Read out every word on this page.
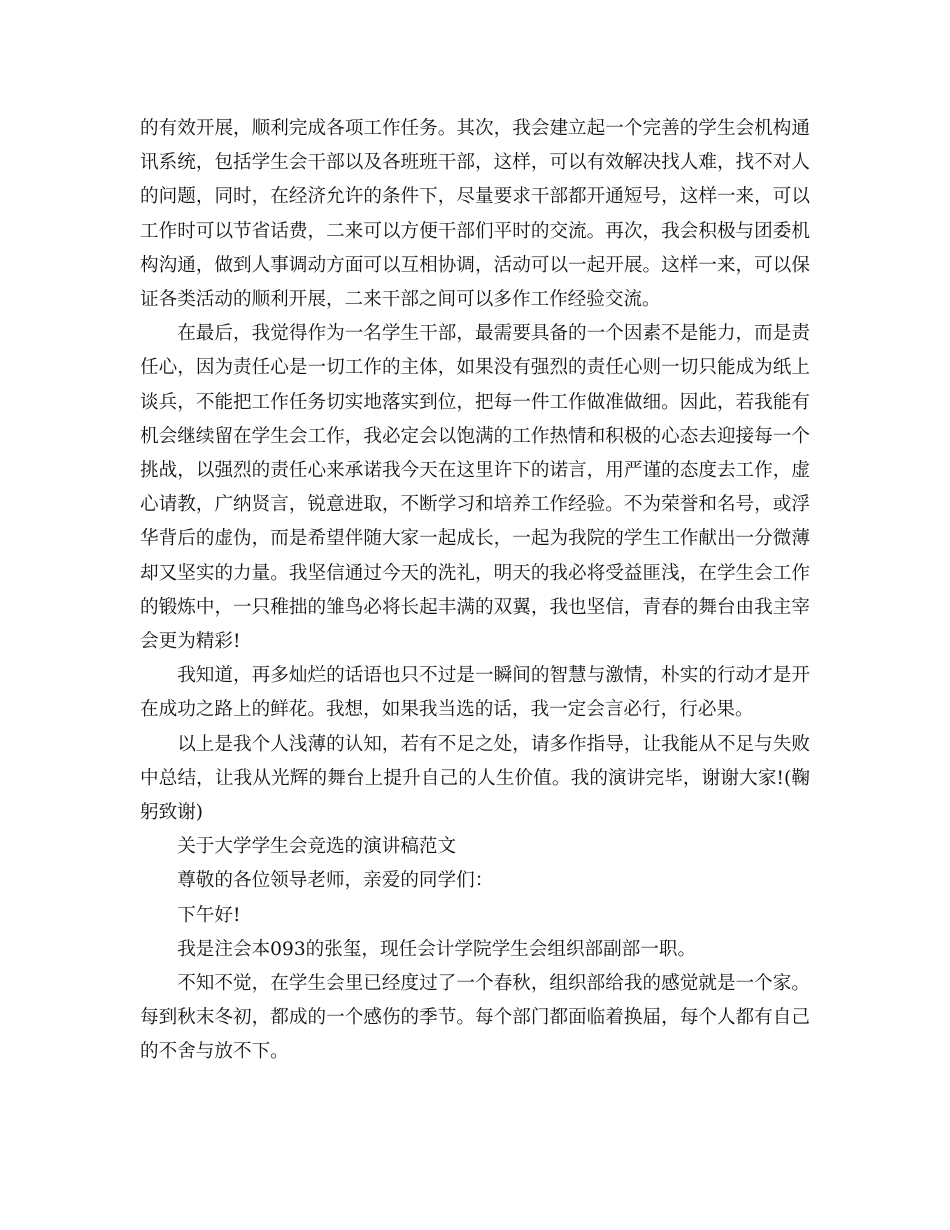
的有效开展，顺利完成各项工作任务。其次，我会建立起一个完善的学生会机构通讯系统，包括学生会干部以及各班班干部，这样，可以有效解决找人难，找不对人的问题，同时，在经济允许的条件下，尽量要求干部都开通短号，这样一来，可以工作时可以节省话费，二来可以方便干部们平时的交流。再次，我会积极与团委机构沟通，做到人事调动方面可以互相协调，活动可以一起开展。这样一来，可以保证各类活动的顺利开展，二来干部之间可以多作工作经验交流。

在最后，我觉得作为一名学生干部，最需要具备的一个因素不是能力，而是责任心，因为责任心是一切工作的主体，如果没有强烈的责任心则一切只能成为纸上谈兵，不能把工作任务切实地落实到位，把每一件工作做准做细。因此，若我能有机会继续留在学生会工作，我必定会以饱满的工作热情和积极的心态去迎接每一个挑战，以强烈的责任心来承诺我今天在这里许下的诺言，用严谨的态度去工作，虚心请教，广纳贤言，锐意进取，不断学习和培养工作经验。不为荣誉和名号，或浮华背后的虚伪，而是希望伴随大家一起成长，一起为我院的学生工作献出一分微薄却又坚实的力量。我坚信通过今天的洗礼，明天的我必将受益匪浅，在学生会工作的锻炼中，一只稚拙的雏鸟必将长起丰满的双翼，我也坚信，青春的舞台由我主宰会更为精彩!

我知道，再多灿烂的话语也只不过是一瞬间的智慧与激情，朴实的行动才是开在成功之路上的鲜花。我想，如果我当选的话，我一定会言必行，行必果。

以上是我个人浅薄的认知，若有不足之处，请多作指导，让我能从不足与失败中总结，让我从光辉的舞台上提升自己的人生价值。我的演讲完毕，谢谢大家!(鞠躬致谢)

关于大学学生会竞选的演讲稿范文

尊敬的各位领导老师，亲爱的同学们：

下午好!

我是注会本093的张玺，现任会计学院学生会组织部副部一职。

不知不觉，在学生会里已经度过了一个春秋，组织部给我的感觉就是一个家。每到秋末冬初，都成的一个感伤的季节。每个部门都面临着换届，每个人都有自己的不舍与放不下。
